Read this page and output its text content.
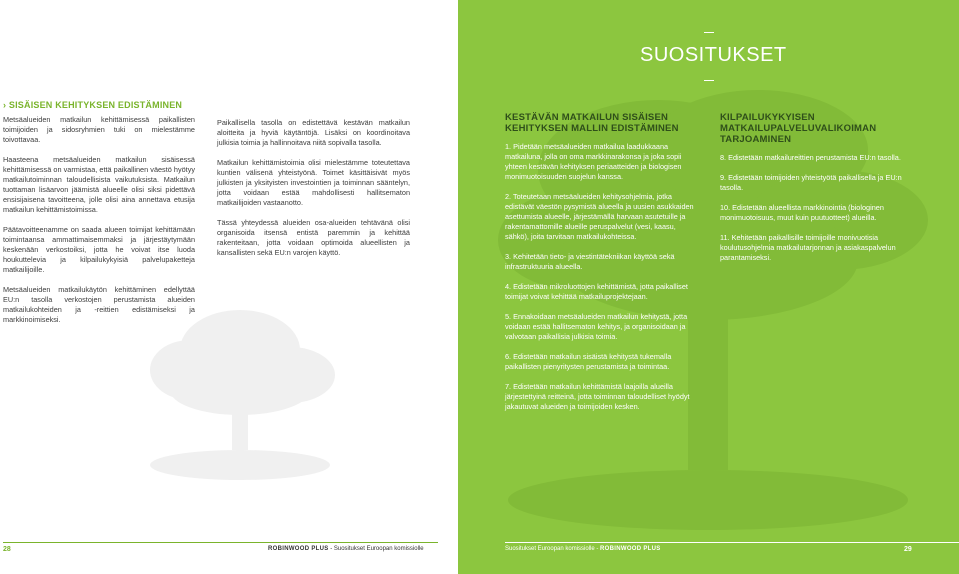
› SISÄISEN KEHITYKSEN EDISTÄMINEN

Metsäalueiden matkailun kehittämisessä paikallisten toimijoiden ja sidosryhmien tuki on mielestämme toivottavaa.

Haasteena metsäalueiden matkailun sisäisessä kehittämisessä on varmistaa, että paikallinen väestö hyötyy matkailutoiminnan taloudellisista vaikutuksista. Matkailun tuottaman lisäarvon jäämistä alueelle olisi siksi pidettävä ensisijaisena tavoitteena, jolle olisi aina annettava etusija matkailun kehittämistoimissa.

Päätavoitteenamme on saada alueen toimijat kehittämään toimintaansa ammattimaisemmaksi ja järjestäytymään keskenään verkostoiksi, jotta he voivat itse luoda houkuttelevia ja kilpailukykyisiä palvelupaketteja matkailijoille.

Metsäalueiden matkailukäytön kehittäminen edellyttää EU:n tasolla verkostojen perustamista alueiden matkailukohteiden ja -reittien edistämiseksi ja markkinoimiseksi.

Paikallisella tasolla on edistettävä kestävän matkailun aloitteita ja hyviä käytäntöjä. Lisäksi on koordinoitava julkisia toimia ja hallinnoitava niitä sopivalla tasolla.

Matkailun kehittämistoimia olisi mielestämme toteutettava kuntien välisenä yhteistyönä. Toimet käsittäisivät myös julkisten ja yksityisten investointien ja toiminnan sääntelyn, jotta voidaan estää mahdollisesti hallitsematon matkailijoiden vastaanotto.

Tässä yhteydessä alueiden osa-alueiden tehtävänä olisi organisoida itsensä entistä paremmin ja kehittää rakenteitaan, jotta voidaan optimoida alueellisten ja kansallisten sekä EU:n varojen käyttö.

28	ROBINWOOD PLUS - Suositukset Euroopan komissiolle
SUOSITUKSET
KESTÄVÄN MATKAILUN SISÄISEN KEHITYKSEN MALLIN EDISTÄMINEN
1. Pidetään metsäalueiden matkailua laadukkaana matkailuna, jolla on oma markkinarakonsa ja joka sopii yhteen kestävän kehityksen periaatteiden ja biologisen monimuotoisuuden suojelun kanssa.
2. Toteutetaan metsäalueiden kehitysohjelmia, jotka edistävät väestön pysymistä alueella ja uusien asukkaiden asettumista alueelle, järjestämällä harvaan asutetuille ja rakentamattomille alueille peruspalvelut (vesi, kaasu, sähkö), joita tarvitaan matkailukohteissa.
3. Kehitetään tieto- ja viestintätekniikan käyttöä sekä infrastruktuuria alueella.
4. Edistetään mikroluottojen kehittämistä, jotta paikalliset toimijat voivat kehittää matkailuprojektejaan.
5. Ennakoidaan metsäalueiden matkailun kehitystä, jotta voidaan estää hallitsematon kehitys, ja organisoidaan ja valvotaan paikallisia julkisia toimia.
6. Edistetään matkailun sisäistä kehitystä tukemalla paikallisten pienyritysten perustamista ja toimintaa.
7. Edistetään matkailun kehittämistä laajoilla alueilla järjestettyinä reitteinä, jotta toiminnan taloudelliset hyödyt jakautuvat alueiden ja toimijoiden kesken.
KILPAILUKYKYISEN MATKAILUPALVELUVALIKOIMAN TARJOAMINEN
8. Edistetään matkailureittien perustamista EU:n tasolla.
9. Edistetään toimijoiden yhteistyötä paikallisella ja EU:n tasolla.
10. Edistetään alueellista markkinointia (biologinen monimuotoisuus, muut kuin puutuotteet) alueilla.
11. Kehitetään paikallisille toimijoille monivuotisia koulutusohjelmia matkailutarjonnan ja asiakaspalvelun parantamiseksi.
Suositukset Euroopan komissiolle - ROBINWOOD PLUS	29
